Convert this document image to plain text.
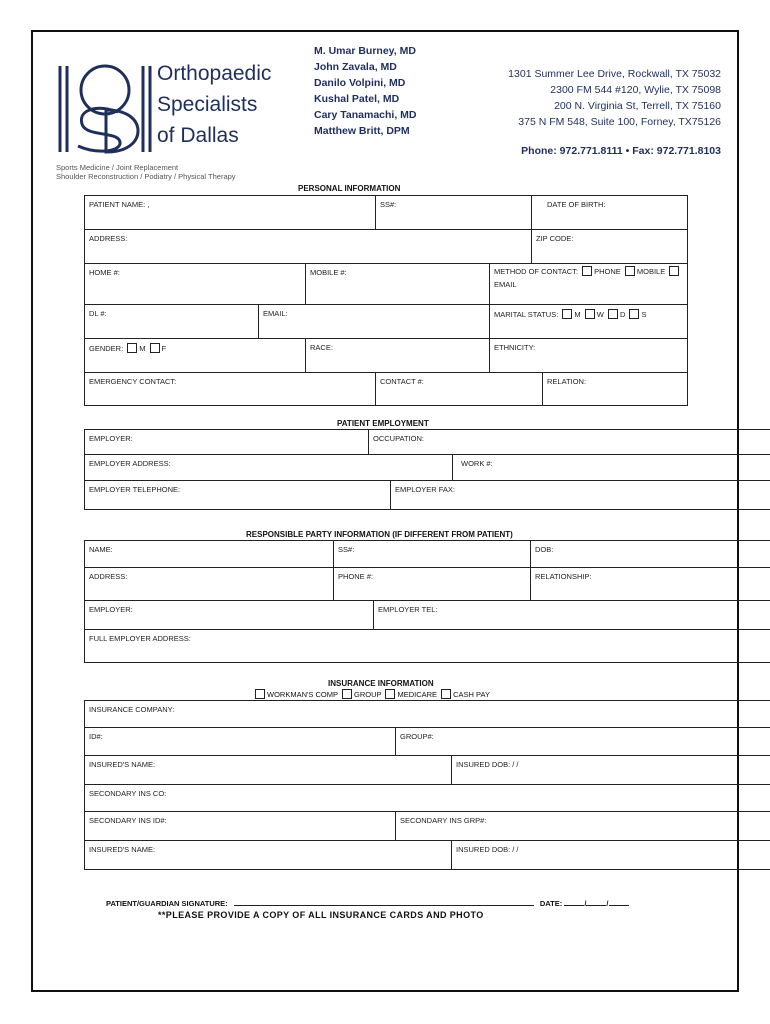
Orthopaedic
Specialists
of Dallas
Sports Medicine / Joint Replacement
Shoulder Reconstruction / Podiatry / Physical Therapy
M. Umar Burney, MD
John Zavala, MD
Danilo Volpini, MD
Kushal Patel, MD
Cary Tanamachi, MD
Matthew Britt, DPM
1301 Summer Lee Drive, Rockwall, TX 75032
2300 FM 544 #120, Wylie, TX 75098
200 N. Virginia St, Terrell, TX 75160
375 N FM 548, Suite 100, Forney, TX75126
Phone: 972.771.8111 • Fax: 972.771.8103
PERSONAL INFORMATION
PATIENT NAME: ,			SS#:		DATE OF BIRTH:	
ADDRESS:					ZIP CODE:	
HOME #:		MOBILE #:		METHOD OF CONTACT: PHONE MOBILE
EMAIL		
DL #:	EMAIL:			MARITAL STATUS: M W D S		
GENDER: M F		RACE:		ETHNICITY:		
EMERGENCY CONTACT:			CONTACT #:			RELATION:
PATIENT EMPLOYMENT
EMPLOYER:	OCCUPATION:		
EMPLOYER ADDRESS:			WORK #:
EMPLOYER TELEPHONE:		EMPLOYER FAX:	
RESPONSIBLE PARTY INFORMATION (IF DIFFERENT FROM PATIENT)
NAME:	SS#:		DOB:
ADDRESS:	PHONE #:		RELATIONSHIP:
EMPLOYER:		EMPLOYER TEL:	
FULL EMPLOYER ADDRESS:			
INSURANCE INFORMATION
WORKMAN'S COMP GROUP MEDICARE CASH PAY
INSURANCE COMPANY:		
ID#:	GROUP#:	
INSURED'S NAME:		INSURED DOB: / /
SECONDARY INS CO:		
SECONDARY INS ID#:	SECONDARY INS GRP#:	
INSURED'S NAME:		INSURED DOB: / /
PATIENT/GUARDIAN SIGNATURE:	DATE:	/	/
**PLEASE PROVIDE A COPY OF ALL INSURANCE CARDS AND PHOTO
